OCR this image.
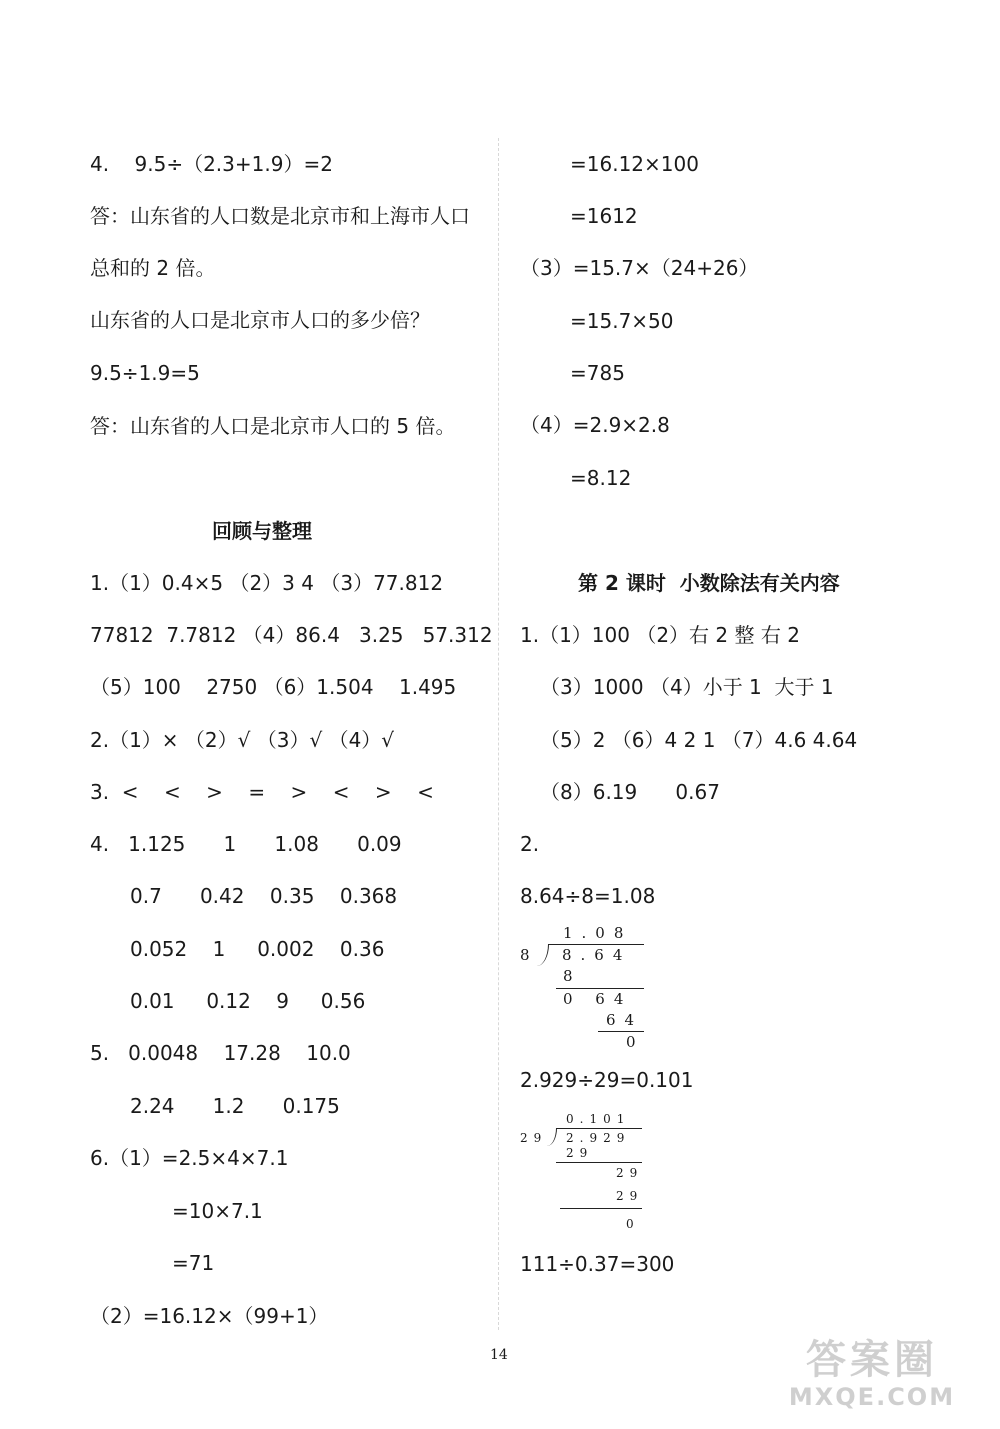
4.    9.5÷（2.3+1.9）=2
答：山东省的人口数是北京市和上海市人口
总和的 2 倍。
山东省的人口是北京市人口的多少倍？
9.5÷1.9=5
答：山东省的人口是北京市人口的 5 倍。
回顾与整理
1.（1）0.4×5 （2）3 4 （3）77.812
77812  7.7812 （4）86.4   3.25   57.312
（5）100    2750 （6）1.504    1.495
2.（1）× （2）√ （3）√ （4）√
3.  <    <    >    =    >    <    >    <
4.   1.125      1      1.08      0.09
0.7      0.42    0.35    0.368
0.052    1     0.002    0.36
0.01     0.12    9     0.56
5.   0.0048    17.28    10.0
2.24      1.2      0.175
6.（1）=2.5×4×7.1
=10×7.1
=71
（2）=16.12×（99+1）
=16.12×100
=1612
（3）=15.7×（24+26）
=15.7×50
=785
（4）=2.9×2.8
=8.12
第 2 课时  小数除法有关内容
1.（1）100 （2）右 2 整 右 2
（3）1000 （4）小于 1  大于 1
（5）2 （6）4 2 1 （7）4.6 4.64
（8）6.19      0.67
2.
8.64÷8=1.08
1.08
8 8.64
8
0 64
64
0
2.929÷29=0.101
0.101
29 2.929
29
29
29
0
111÷0.37=300
14	答案圈
MXQE.COM
